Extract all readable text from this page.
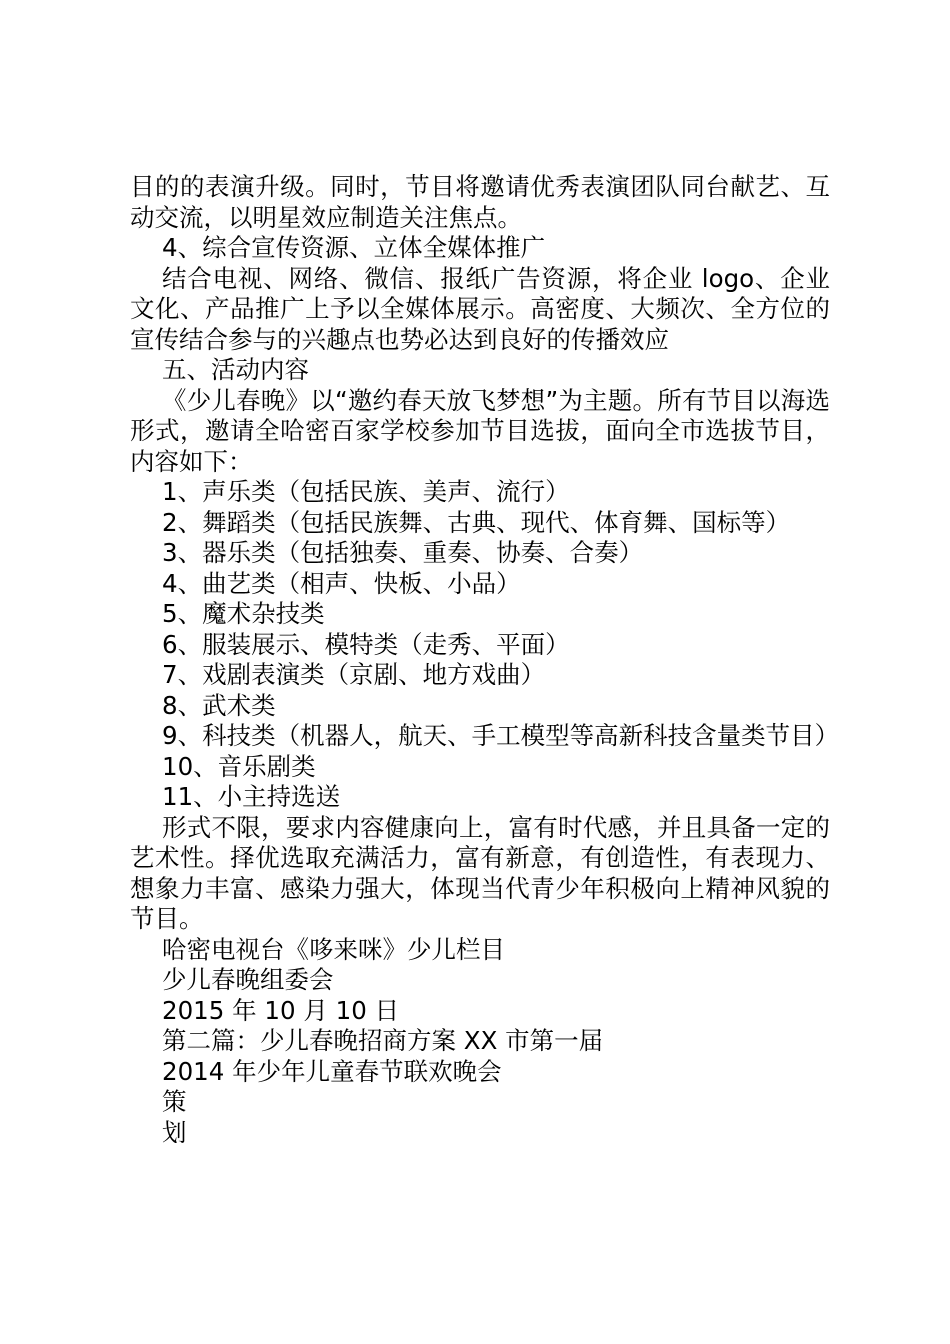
目的的表演升级。同时，节目将邀请优秀表演团队同台献艺、互动交流，以明星效应制造关注焦点。

4、综合宣传资源、立体全媒体推广

结合电视、网络、微信、报纸广告资源，将企业 logo、企业文化、产品推广上予以全媒体展示。高密度、大频次、全方位的宣传结合参与的兴趣点也势必达到良好的传播效应

五、活动内容

《少儿春晚》以“邀约春天放飞梦想”为主题。所有节目以海选形式，邀请全哈密百家学校参加节目选拔，面向全市选拔节目，内容如下：

1、声乐类（包括民族、美声、流行）

2、舞蹈类（包括民族舞、古典、现代、体育舞、国标等）

3、器乐类（包括独奏、重奏、协奏、合奏）

4、曲艺类（相声、快板、小品）

5、魔术杂技类

6、服装展示、模特类（走秀、平面）

7、戏剧表演类（京剧、地方戏曲）

8、武术类

9、科技类（机器人，航天、手工模型等高新科技含量类节目）

10、音乐剧类

11、小主持选送

形式不限，要求内容健康向上，富有时代感，并且具备一定的艺术性。择优选取充满活力，富有新意，有创造性，有表现力、想象力丰富、感染力强大，体现当代青少年积极向上精神风貌的节目。

哈密电视台《哆来咪》少儿栏目

少儿春晚组委会

2015 年 10 月 10 日

第二篇：少儿春晚招商方案 XX 市第一届

2014 年少年儿童春节联欢晚会

策

划
